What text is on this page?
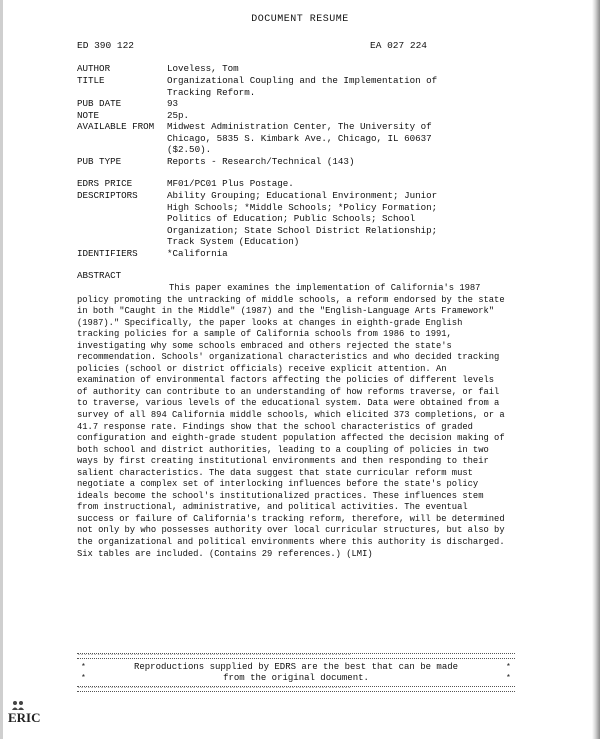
DOCUMENT RESUME
ED 390 122	EA 027 224
AUTHOR	Loveless, Tom
TITLE	Organizational Coupling and the Implementation of
Tracking Reform.
PUB DATE	93
NOTE	25p.
AVAILABLE FROM	Midwest Administration Center, The University of
Chicago, 5835 S. Kimbark Ave., Chicago, IL 60637
($2.50).
PUB TYPE	Reports - Research/Technical (143)
EDRS PRICE	MF01/PC01 Plus Postage.
DESCRIPTORS	Ability Grouping; Educational Environment; Junior
High Schools; *Middle Schools; *Policy Formation;
Politics of Education; Public Schools; School
Organization; State School District Relationship;
Track System (Education)
IDENTIFIERS	*California
ABSTRACT
This paper examines the implementation of California's 1987 policy promoting the untracking of middle schools, a reform endorsed by the state in both "Caught in the Middle" (1987) and the "English-Language Arts Framework" (1987)." Specifically, the paper looks at changes in eighth-grade English tracking policies for a sample of California schools from 1986 to 1991, investigating why some schools embraced and others rejected the state's recommendation. Schools' organizational characteristics and who decided tracking policies (school or district officials) receive explicit attention. An examination of environmental factors affecting the policies of different levels of authority can contribute to an understanding of how reforms traverse, or fail to traverse, various levels of the educational system. Data were obtained from a survey of all 894 California middle schools, which elicited 373 completions, or a 41.7 response rate. Findings show that the school characteristics of graded configuration and eighth-grade student population affected the decision making of both school and district authorities, leading to a coupling of policies in two ways by first creating institutional environments and then responding to their salient characteristics. The data suggest that state curricular reform must negotiate a complex set of interlocking influences before the state's policy ideals become the school's institutionalized practices. These influences stem from instructional, administrative, and political activities. The eventual success or failure of California's tracking reform, therefore, will be determined not only by who possesses authority over local curricular structures, but also by the organizational and political environments where this authority is discharged. Six tables are included. (Contains 29 references.) (LMI)
***********************************************************************************
*	Reproductions supplied by EDRS are the best that can be made	*
*	from the original document.	*
***********************************************************************************
ERIC
